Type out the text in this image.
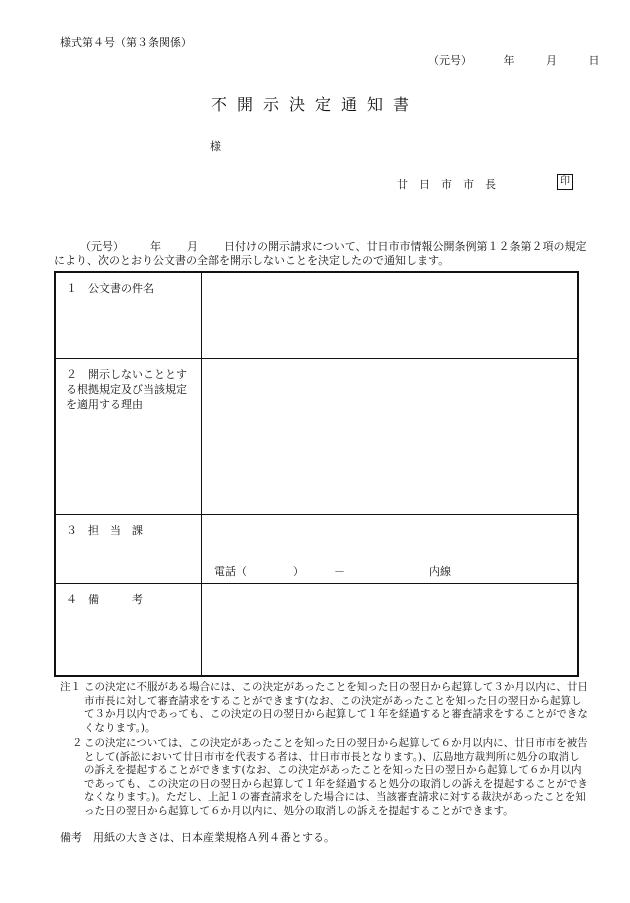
様式第４号（第３条関係）
（元号）	年	月	日
不開示決定通知書
様
廿日市市長	印
（元号） 年 月 日付けの開示請求について、廿日市市情報公開条例第１２条第２項の規定により、次のとおり公文書の全部を開示しないことを決定したので通知します。
１　公文書の件名
２　開示しないこととする根拠規定及び当該規定を適用する理由
３　担　当　課
電話（	）	－	内線
４　備　　　考
注１ この決定に不服がある場合には、この決定があったことを知った日の翌日から起算して３か月以内に、廿日市市長に対して審査請求をすることができます(なお、この決定があったことを知った日の翌日から起算して３か月以内であっても、この決定の日の翌日から起算して１年を経過すると審査請求をすることができなくなります。)。
２ この決定については、この決定があったことを知った日の翌日から起算して６か月以内に、廿日市市を被告として(訴訟において廿日市市を代表する者は、廿日市市長となります。)、広島地方裁判所に処分の取消しの訴えを提起することができます(なお、この決定があったことを知った日の翌日から起算して６か月以内であっても、この決定の日の翌日から起算して１年を経過すると処分の取消しの訴えを提起することができなくなります。)。ただし、上記１の審査請求をした場合には、当該審査請求に対する裁決があったことを知った日の翌日から起算して６か月以内に、処分の取消しの訴えを提起することができます。
備考　用紙の大きさは、日本産業規格Ａ列４番とする。
